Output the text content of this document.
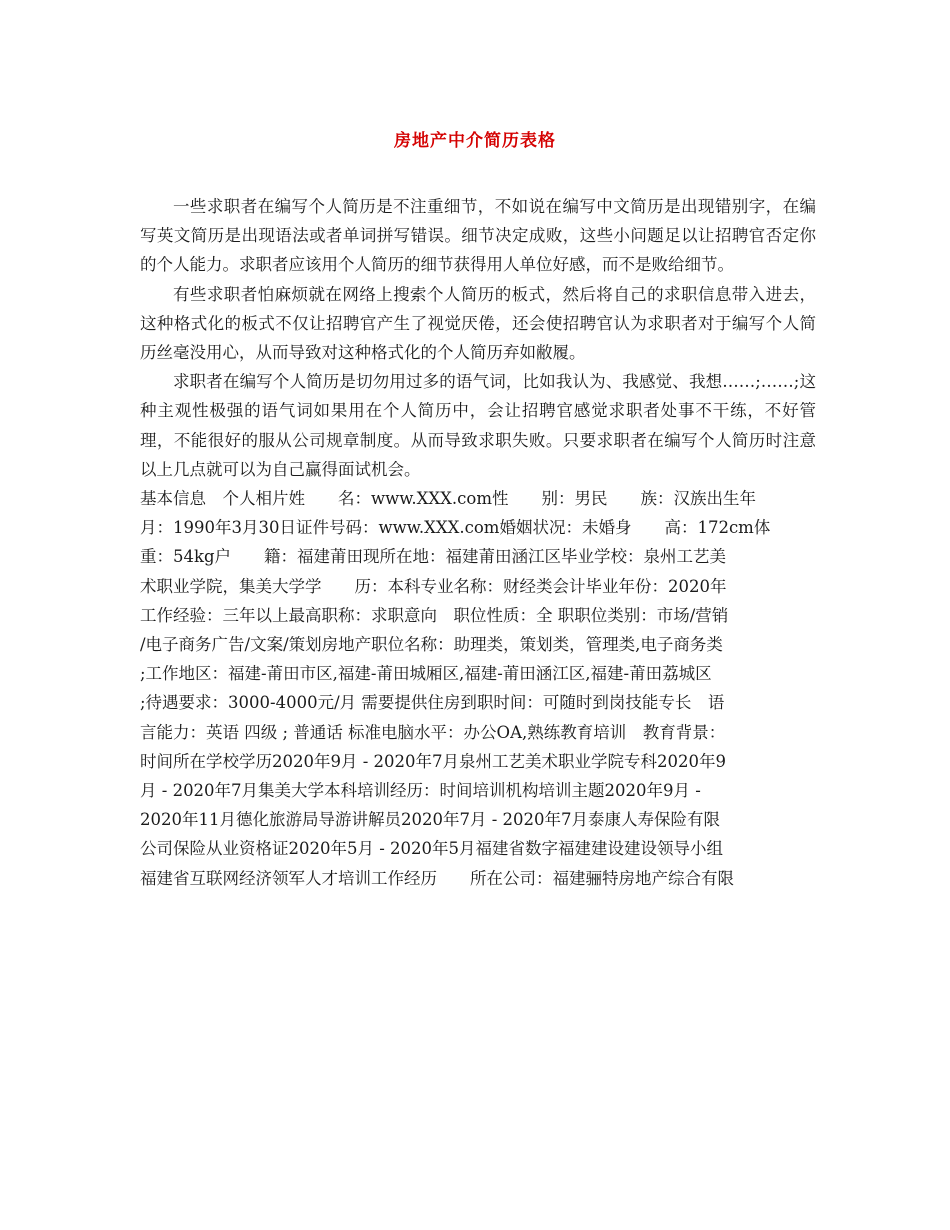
房地产中介简历表格

一些求职者在编写个人简历是不注重细节，不如说在编写中文简历是出现错别字，在编写英文简历是出现语法或者单词拼写错误。细节决定成败，这些小问题足以让招聘官否定你的个人能力。求职者应该用个人简历的细节获得用人单位好感，而不是败给细节。

有些求职者怕麻烦就在网络上搜索个人简历的板式，然后将自己的求职信息带入进去，这种格式化的板式不仅让招聘官产生了视觉厌倦，还会使招聘官认为求职者对于编写个人简历丝毫没用心，从而导致对这种格式化的个人简历弃如敝履。

求职者在编写个人简历是切勿用过多的语气词，比如我认为、我感觉、我想……;……;这种主观性极强的语气词如果用在个人简历中，会让招聘官感觉求职者处事不干练，不好管理，不能很好的服从公司规章制度。从而导致求职失败。只要求职者在编写个人简历时注意以上几点就可以为自己赢得面试机会。

基本信息　个人相片姓　　名：www.XXX.com性　　别：男民　　族：汉族出生年

月：1990年3月30日证件号码：www.XXX.com婚姻状况：未婚身　　高：172cm体

重：54kg户　　籍：福建莆田现所在地：福建莆田涵江区毕业学校：泉州工艺美

术职业学院，集美大学学　　历：本科专业名称：财经类会计毕业年份：2020年

工作经验：三年以上最高职称：求职意向　职位性质：全 职职位类别：市场/营销

/电子商务广告/文案/策划房地产职位名称：助理类，策划类，管理类,电子商务类

;工作地区：福建-莆田市区,福建-莆田城厢区,福建-莆田涵江区,福建-莆田荔城区

;待遇要求：3000-4000元/月 需要提供住房到职时间：可随时到岗技能专长　语

言能力：英语 四级 ; 普通话 标准电脑水平：办公OA,熟练教育培训　教育背景：

时间所在学校学历2020年9月 - 2020年7月泉州工艺美术职业学院专科2020年9

月 - 2020年7月集美大学本科培训经历：时间培训机构培训主题2020年9月 -

2020年11月德化旅游局导游讲解员2020年7月 - 2020年7月泰康人寿保险有限

公司保险从业资格证2020年5月 - 2020年5月福建省数字福建建设建设领导小组

福建省互联网经济领军人才培训工作经历　　所在公司：福建骊特房地产综合有限
